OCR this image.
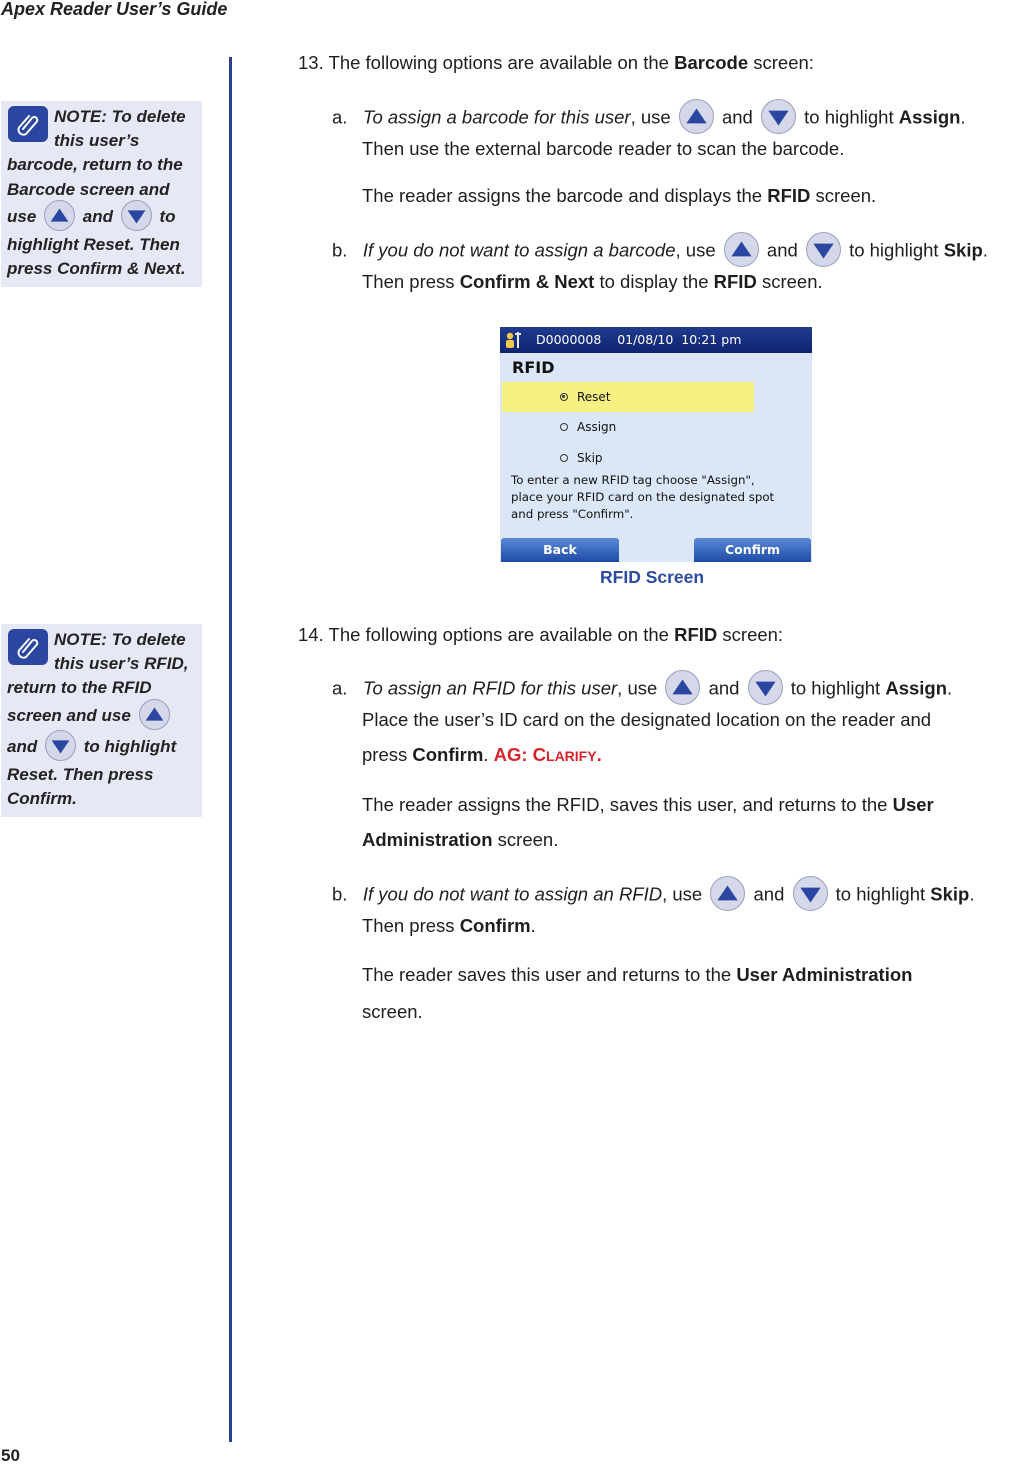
Apex Reader User’s Guide
50
NOTE: To delete
this user’s
barcode, return to the
Barcode screen and
use	and	to
highlight Reset. Then
press Confirm & Next.
NOTE: To delete
this user’s RFID,
return to the RFID
screen and use

and	to highlight
Reset. Then press
Confirm.
13. The following options are available on the Barcode screen:
a. To assign a barcode for this user, use	and	to highlight Assign.
Then use the external barcode reader to scan the barcode.
The reader assigns the barcode and displays the RFID screen.
b. If you do not want to assign a barcode, use	and	to highlight Skip.
Then press Confirm & Next to display the RFID screen.
D0000008    01/08/10  10:21 pm
RFID
Reset
Assign
Skip
To enter a new RFID tag choose "Assign",
place your RFID card on the designated spot
and press "Confirm".
Back	Confirm
RFID Screen
14. The following options are available on the RFID screen:
a. To assign an RFID for this user, use	and	to highlight Assign.
Place the user’s ID card on the designated location on the reader and
press Confirm. AG: CLARIFY.
The reader assigns the RFID, saves this user, and returns to the User
Administration screen.
b. If you do not want to assign an RFID, use	and	to highlight Skip.
Then press Confirm.
The reader saves this user and returns to the User Administration
screen.
